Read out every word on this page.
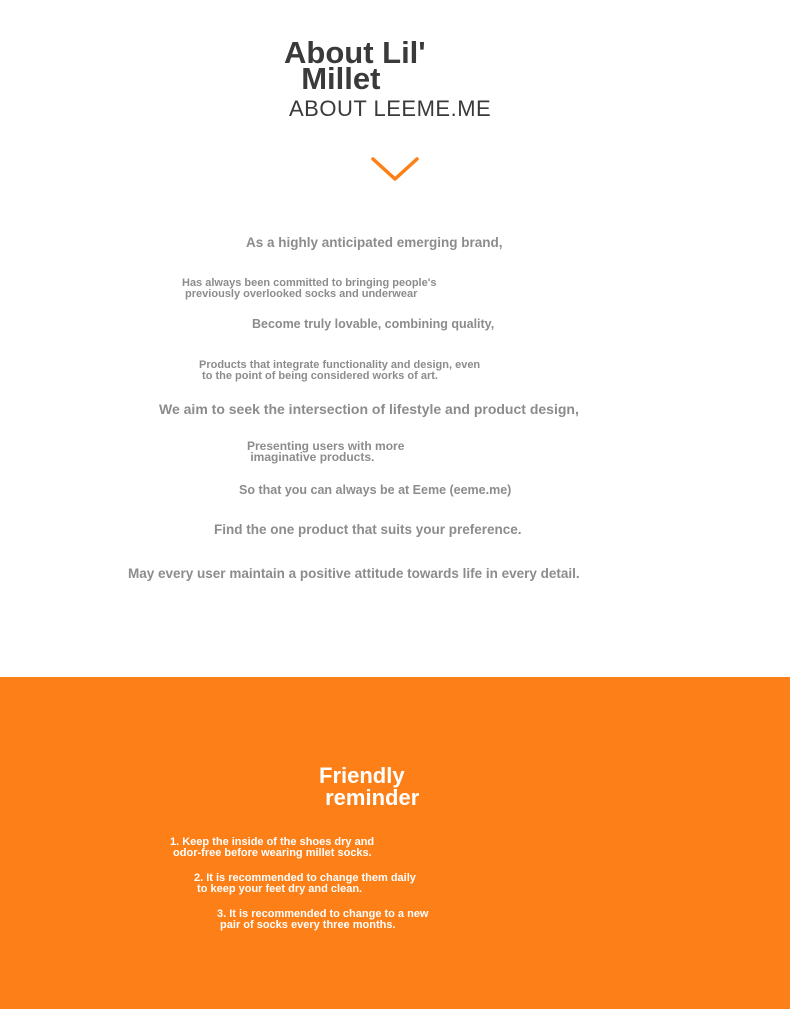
About Lil'
Millet
ABOUT LEEME.ME
As a highly anticipated emerging brand,
Has always been committed to bringing people's
previously overlooked socks and underwear
Become truly lovable, combining quality,
Products that integrate functionality and design, even
to the point of being considered works of art.
We aim to seek the intersection of lifestyle and product design,
Presenting users with more
imaginative products.
So that you can always be at Eeme (eeme.me)
Find the one product that suits your preference.
May every user maintain a positive attitude towards life in every detail.
Friendly
reminder
1. Keep the inside of the shoes dry and
odor-free before wearing millet socks.
2. It is recommended to change them daily
to keep your feet dry and clean.
3. It is recommended to change to a new
pair of socks every three months.
